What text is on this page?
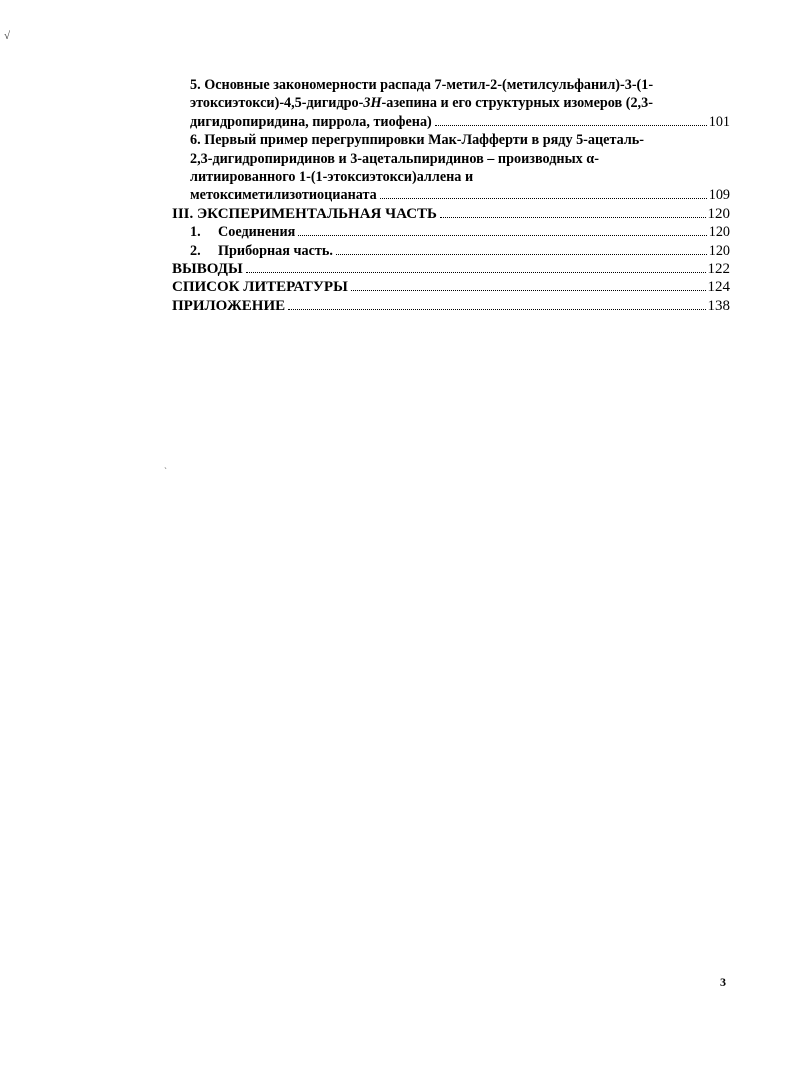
√
`
5. Основные закономерности распада 7-метил-2-(метилсульфанил)-3-(1-
этоксиэтокси)-4,5-дигидро- 3H -азепина и его структурных изомеров (2,3-
дигидропиридина, пиррола, тиофена)	101
6. Первый пример перегруппировки Мак-Лафферти в ряду 5-ацеталь-
2,3-дигидропиридинов и 3-ацетальпиридинов – производных α-
литиированного 1-(1-этоксиэтокси)аллена и
метоксиметилизотиоцианата	109
III. ЭКСПЕРИМЕНТАЛЬНАЯ ЧАСТЬ	120
1.	Соединения	120
2.	Приборная часть.	120
ВЫВОДЫ	122
СПИСОК ЛИТЕРАТУРЫ	124
ПРИЛОЖЕНИЕ	138
3
